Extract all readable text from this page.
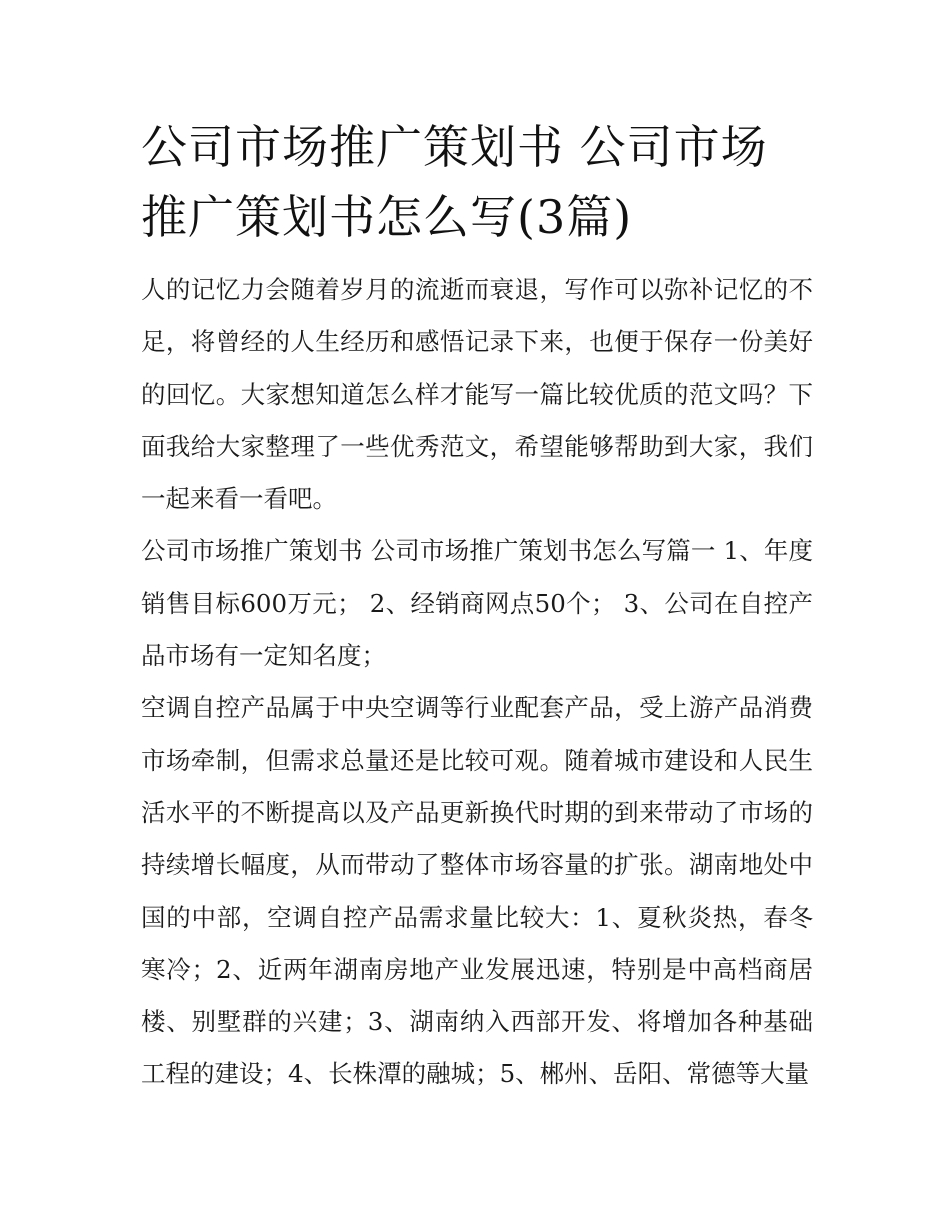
公司市场推广策划书 公司市场推广策划书怎么写(3篇)

人的记忆力会随着岁月的流逝而衰退，写作可以弥补记忆的不足，将曾经的人生经历和感悟记录下来，也便于保存一份美好的回忆。大家想知道怎么样才能写一篇比较优质的范文吗？下面我给大家整理了一些优秀范文，希望能够帮助到大家，我们一起来看一看吧。

公司市场推广策划书 公司市场推广策划书怎么写篇一 1、年度销售目标600万元； 2、经销商网点50个； 3、公司在自控产品市场有一定知名度；

空调自控产品属于中央空调等行业配套产品，受上游产品消费市场牵制，但需求总量还是比较可观。随着城市建设和人民生活水平的不断提高以及产品更新换代时期的到来带动了市场的持续增长幅度，从而带动了整体市场容量的扩张。湖南地处中国的中部，空调自控产品需求量比较大：1、夏秋炎热，春冬寒冷；2、近两年湖南房地产业发展迅速，特别是中高档商居楼、别墅群的兴建；3、湖南纳入西部开发、将增加各种基础工程的建设；4、长株潭的融城；5、郴州、岳阳、常德等大量
